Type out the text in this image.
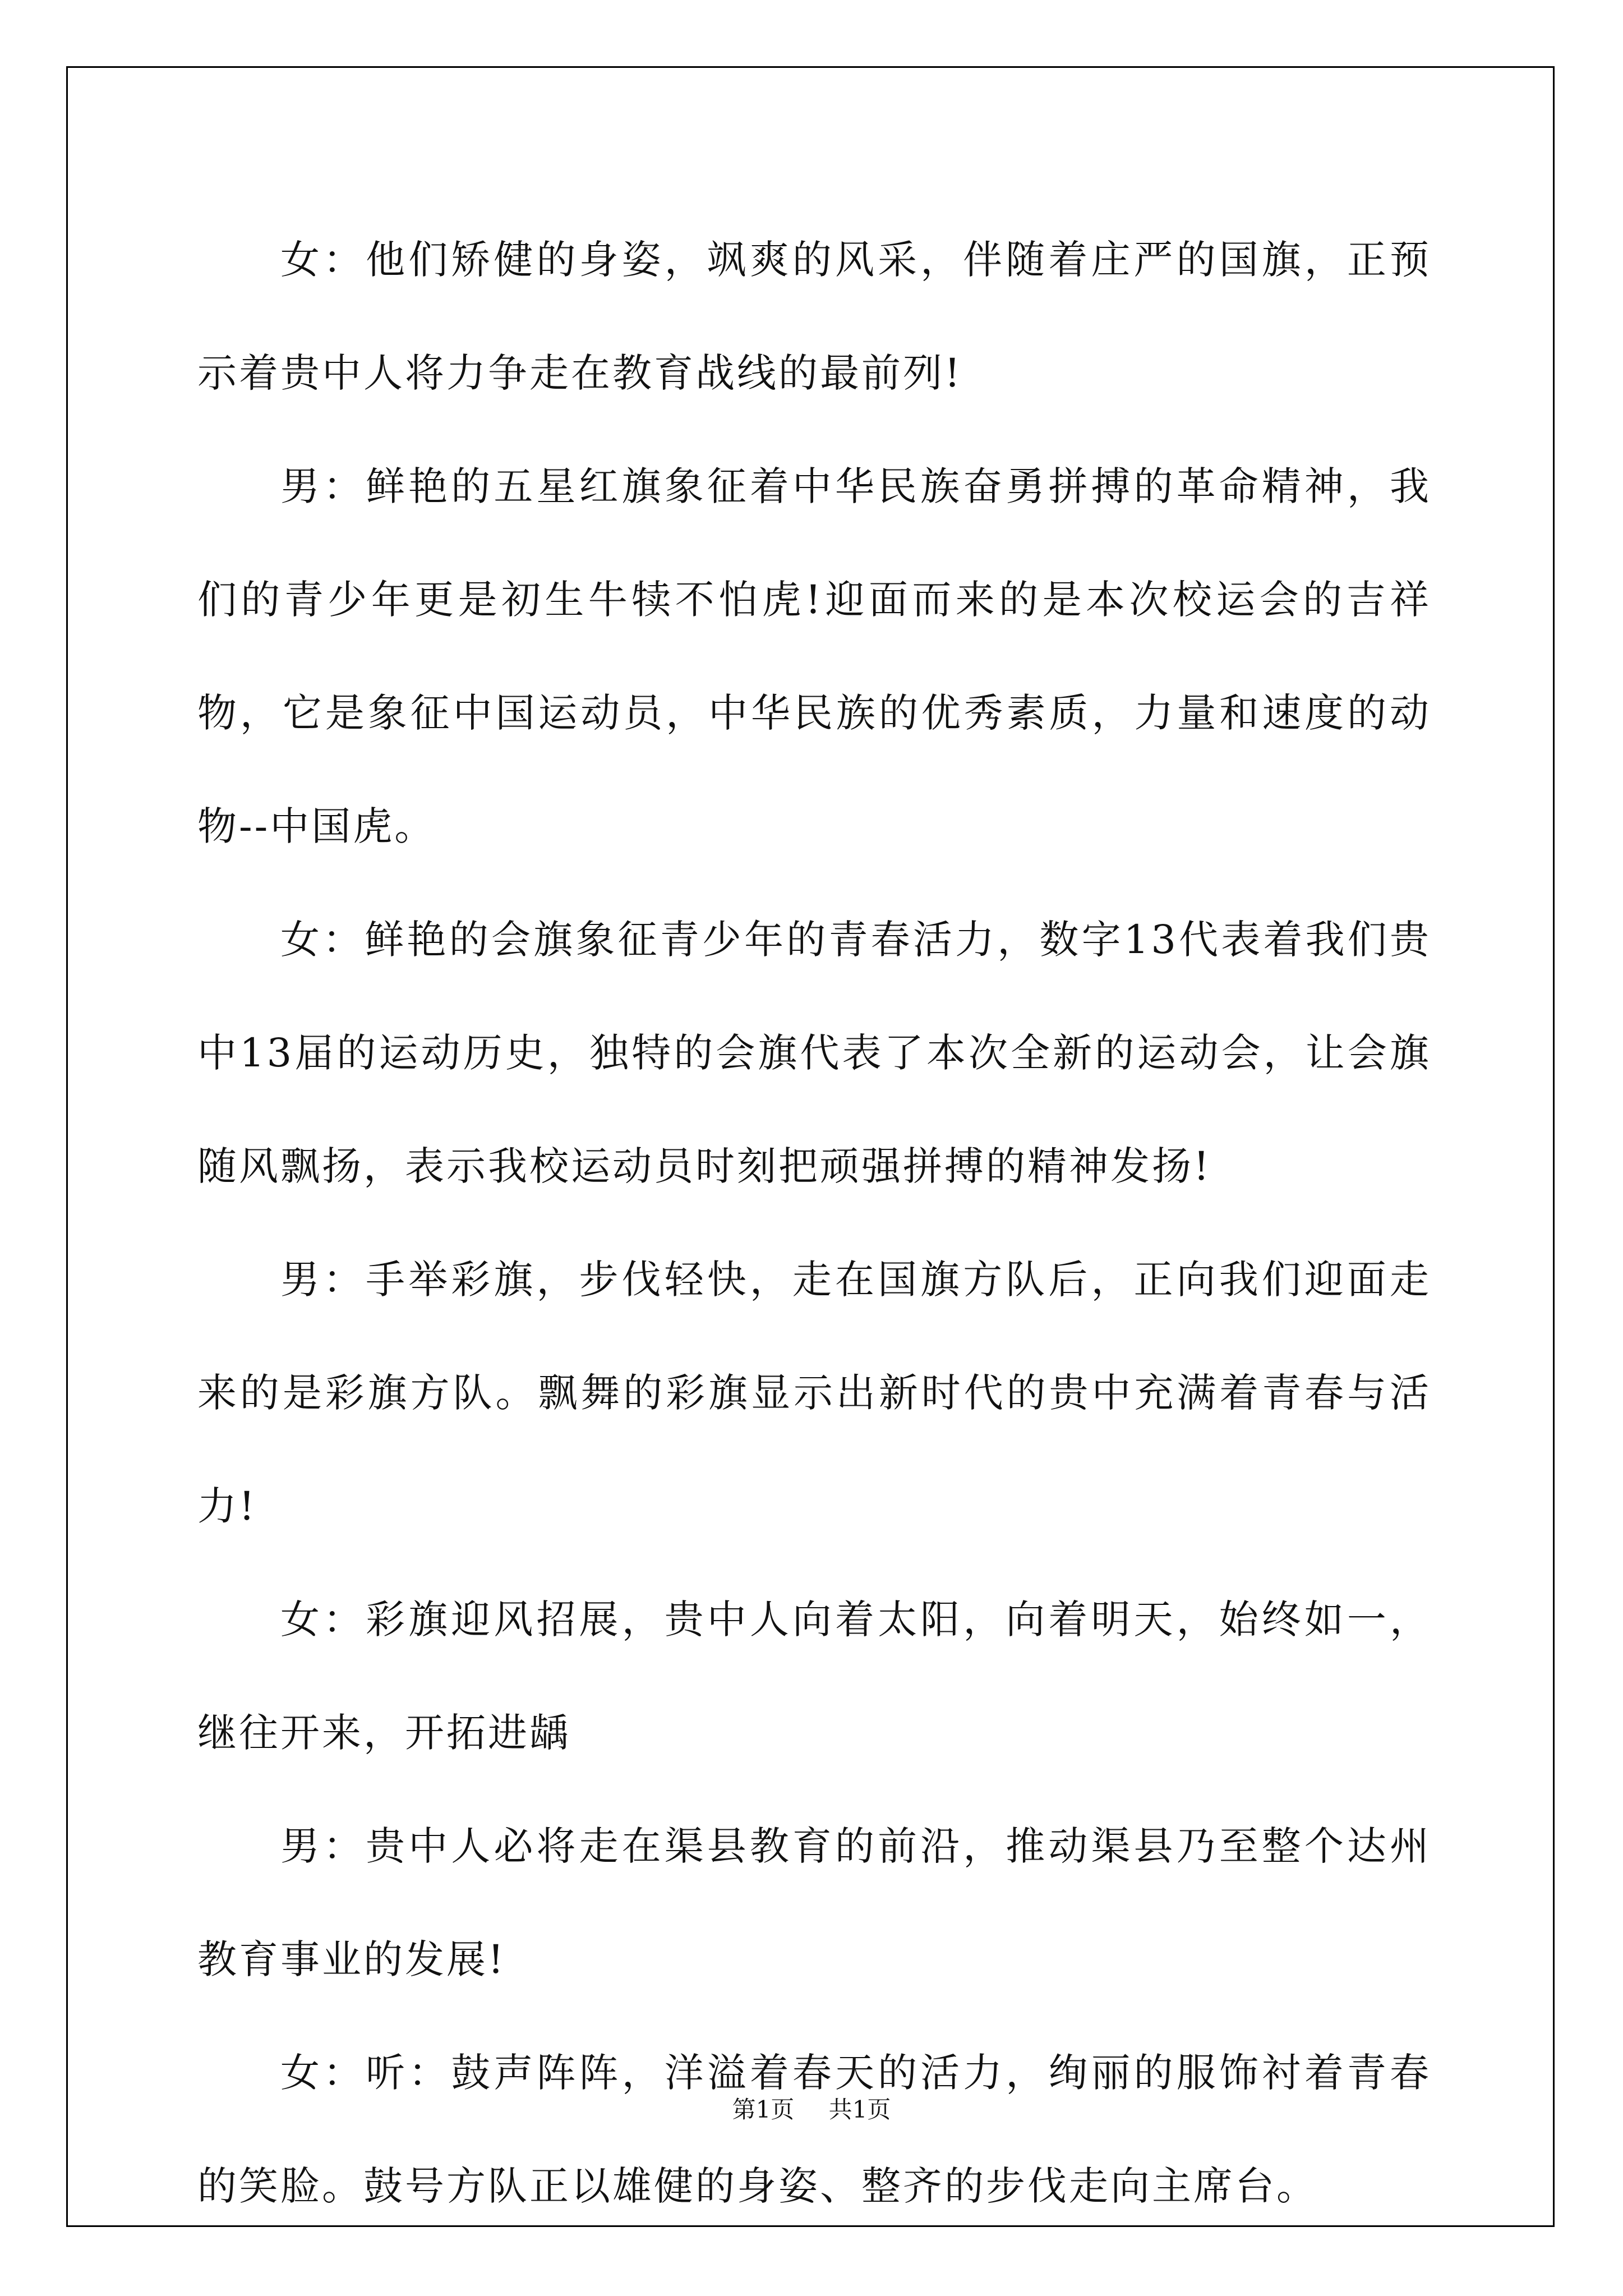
女：他们矫健的身姿，飒爽的风采，伴随着庄严的国旗，正预示着贵中人将力争走在教育战线的最前列!

男：鲜艳的五星红旗象征着中华民族奋勇拼搏的革命精神，我们的青少年更是初生牛犊不怕虎!迎面而来的是本次校运会的吉祥物，它是象征中国运动员，中华民族的优秀素质，力量和速度的动物--中国虎。

女：鲜艳的会旗象征青少年的青春活力，数字13代表着我们贵中13届的运动历史，独特的会旗代表了本次全新的运动会，让会旗随风飘扬，表示我校运动员时刻把顽强拼搏的精神发扬!

男：手举彩旗，步伐轻快，走在国旗方队后，正向我们迎面走来的是彩旗方队。飘舞的彩旗显示出新时代的贵中充满着青春与活力!

女：彩旗迎风招展，贵中人向着太阳，向着明天，始终如一，继往开来，开拓进龋

男：贵中人必将走在渠县教育的前沿，推动渠县乃至整个达州教育事业的发展!

女：听：鼓声阵阵，洋溢着春天的活力，绚丽的服饰衬着青春的笑脸。鼓号方队正以雄健的身姿、整齐的步伐走向主席台。

第1页 共1页
